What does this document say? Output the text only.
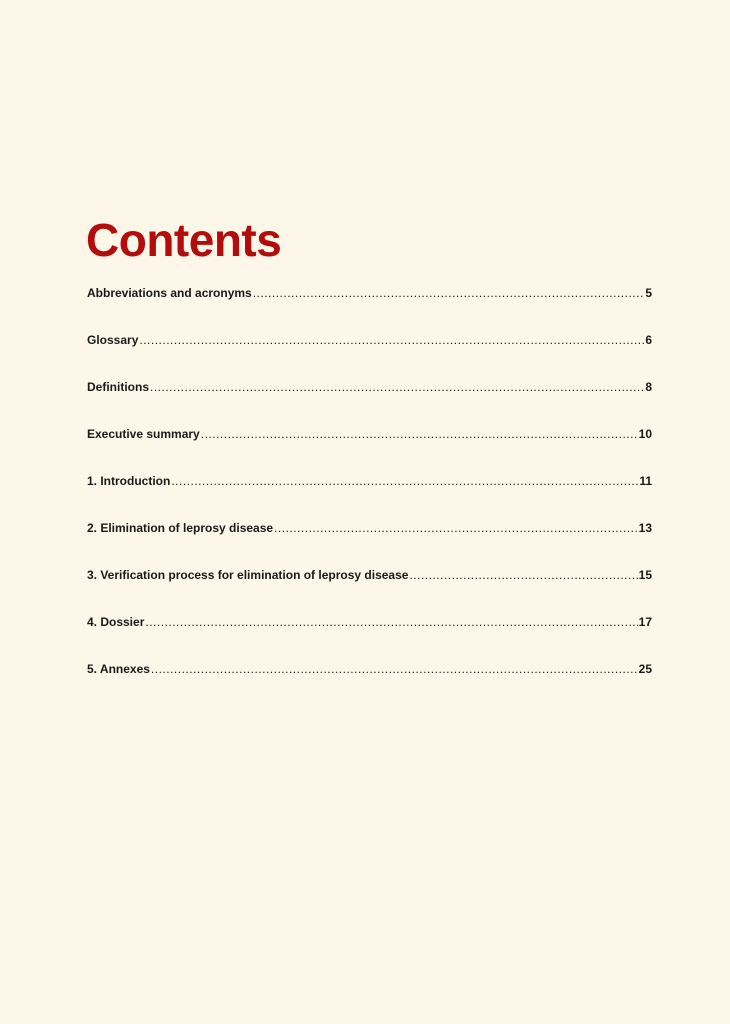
Contents
Abbreviations and acronyms .....	5
Glossary .....	6
Definitions .....	8
Executive summary .....	10
1. Introduction .....	11
2. Elimination of leprosy disease .....	13
3. Verification process for elimination of leprosy disease .....	15
4. Dossier .....	17
5. Annexes .....	25
